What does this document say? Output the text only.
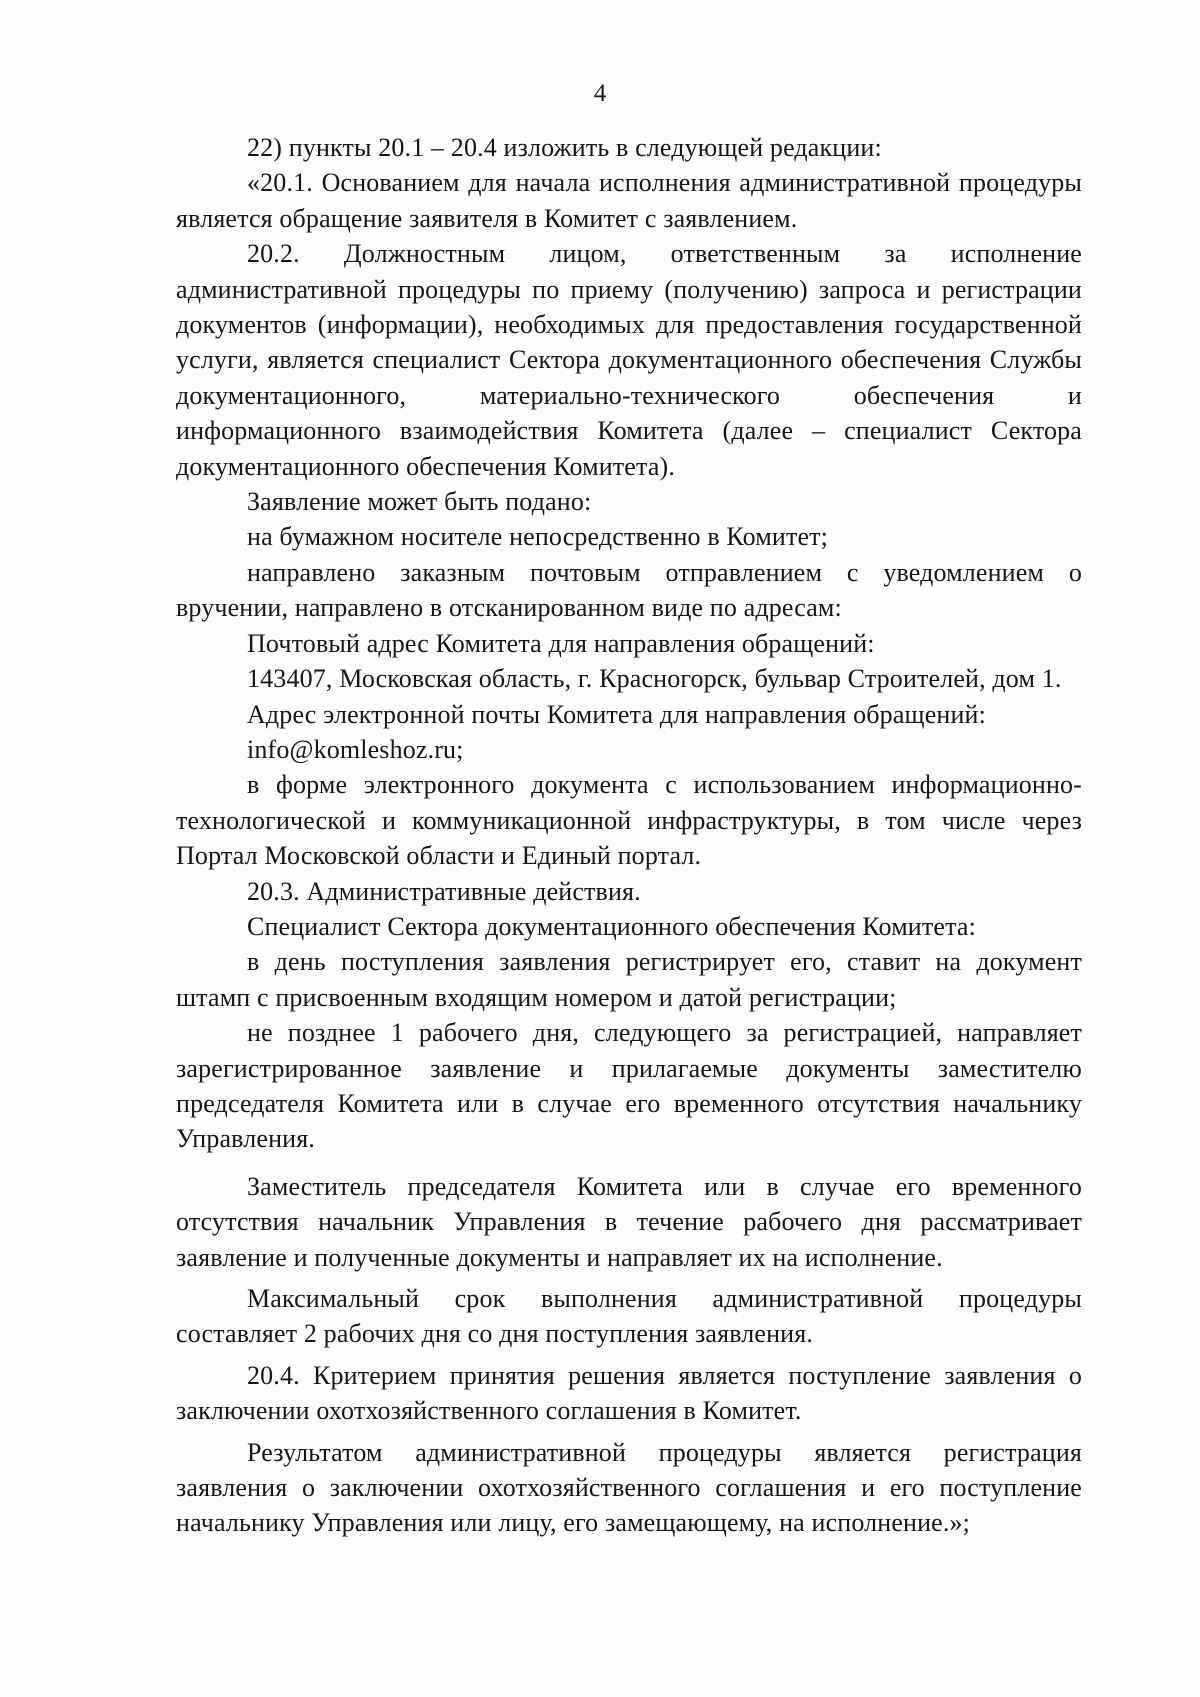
4

22) пункты 20.1 – 20.4 изложить в следующей редакции:

«20.1. Основанием для начала исполнения административной процедуры является обращение заявителя в Комитет с заявлением.

20.2. Должностным лицом, ответственным за исполнение административной процедуры по приему (получению) запроса и регистрации документов (информации), необходимых для предоставления государственной услуги, является специалист Сектора документационного обеспечения Службы документационного, материально-технического обеспечения и информационного взаимодействия Комитета (далее – специалист Сектора документационного обеспечения Комитета).

Заявление может быть подано:

на бумажном носителе непосредственно в Комитет;

направлено заказным почтовым отправлением с уведомлением о вручении, направлено в отсканированном виде по адресам:

Почтовый адрес Комитета для направления обращений:

143407, Московская область, г. Красногорск, бульвар Строителей, дом 1.

Адрес электронной почты Комитета для направления обращений:

info@komleshoz.ru;

в форме электронного документа с использованием информационно-технологической и коммуникационной инфраструктуры, в том числе через Портал Московской области и Единый портал.

20.3. Административные действия.

Специалист Сектора документационного обеспечения Комитета:

в день поступления заявления регистрирует его, ставит на документ штамп с присвоенным входящим номером и датой регистрации;

не позднее 1 рабочего дня, следующего за регистрацией, направляет зарегистрированное заявление и прилагаемые документы заместителю председателя Комитета или в случае его временного отсутствия начальнику Управления.

Заместитель председателя Комитета или в случае его временного отсутствия начальник Управления в течение рабочего дня рассматривает заявление и полученные документы и направляет их на исполнение.

Максимальный срок выполнения административной процедуры составляет 2 рабочих дня со дня поступления заявления.

20.4. Критерием принятия решения является поступление заявления о заключении охотхозяйственного соглашения в Комитет.

Результатом административной процедуры является регистрация заявления о заключении охотхозяйственного соглашения и его поступление начальнику Управления или лицу, его замещающему, на исполнение.»;
